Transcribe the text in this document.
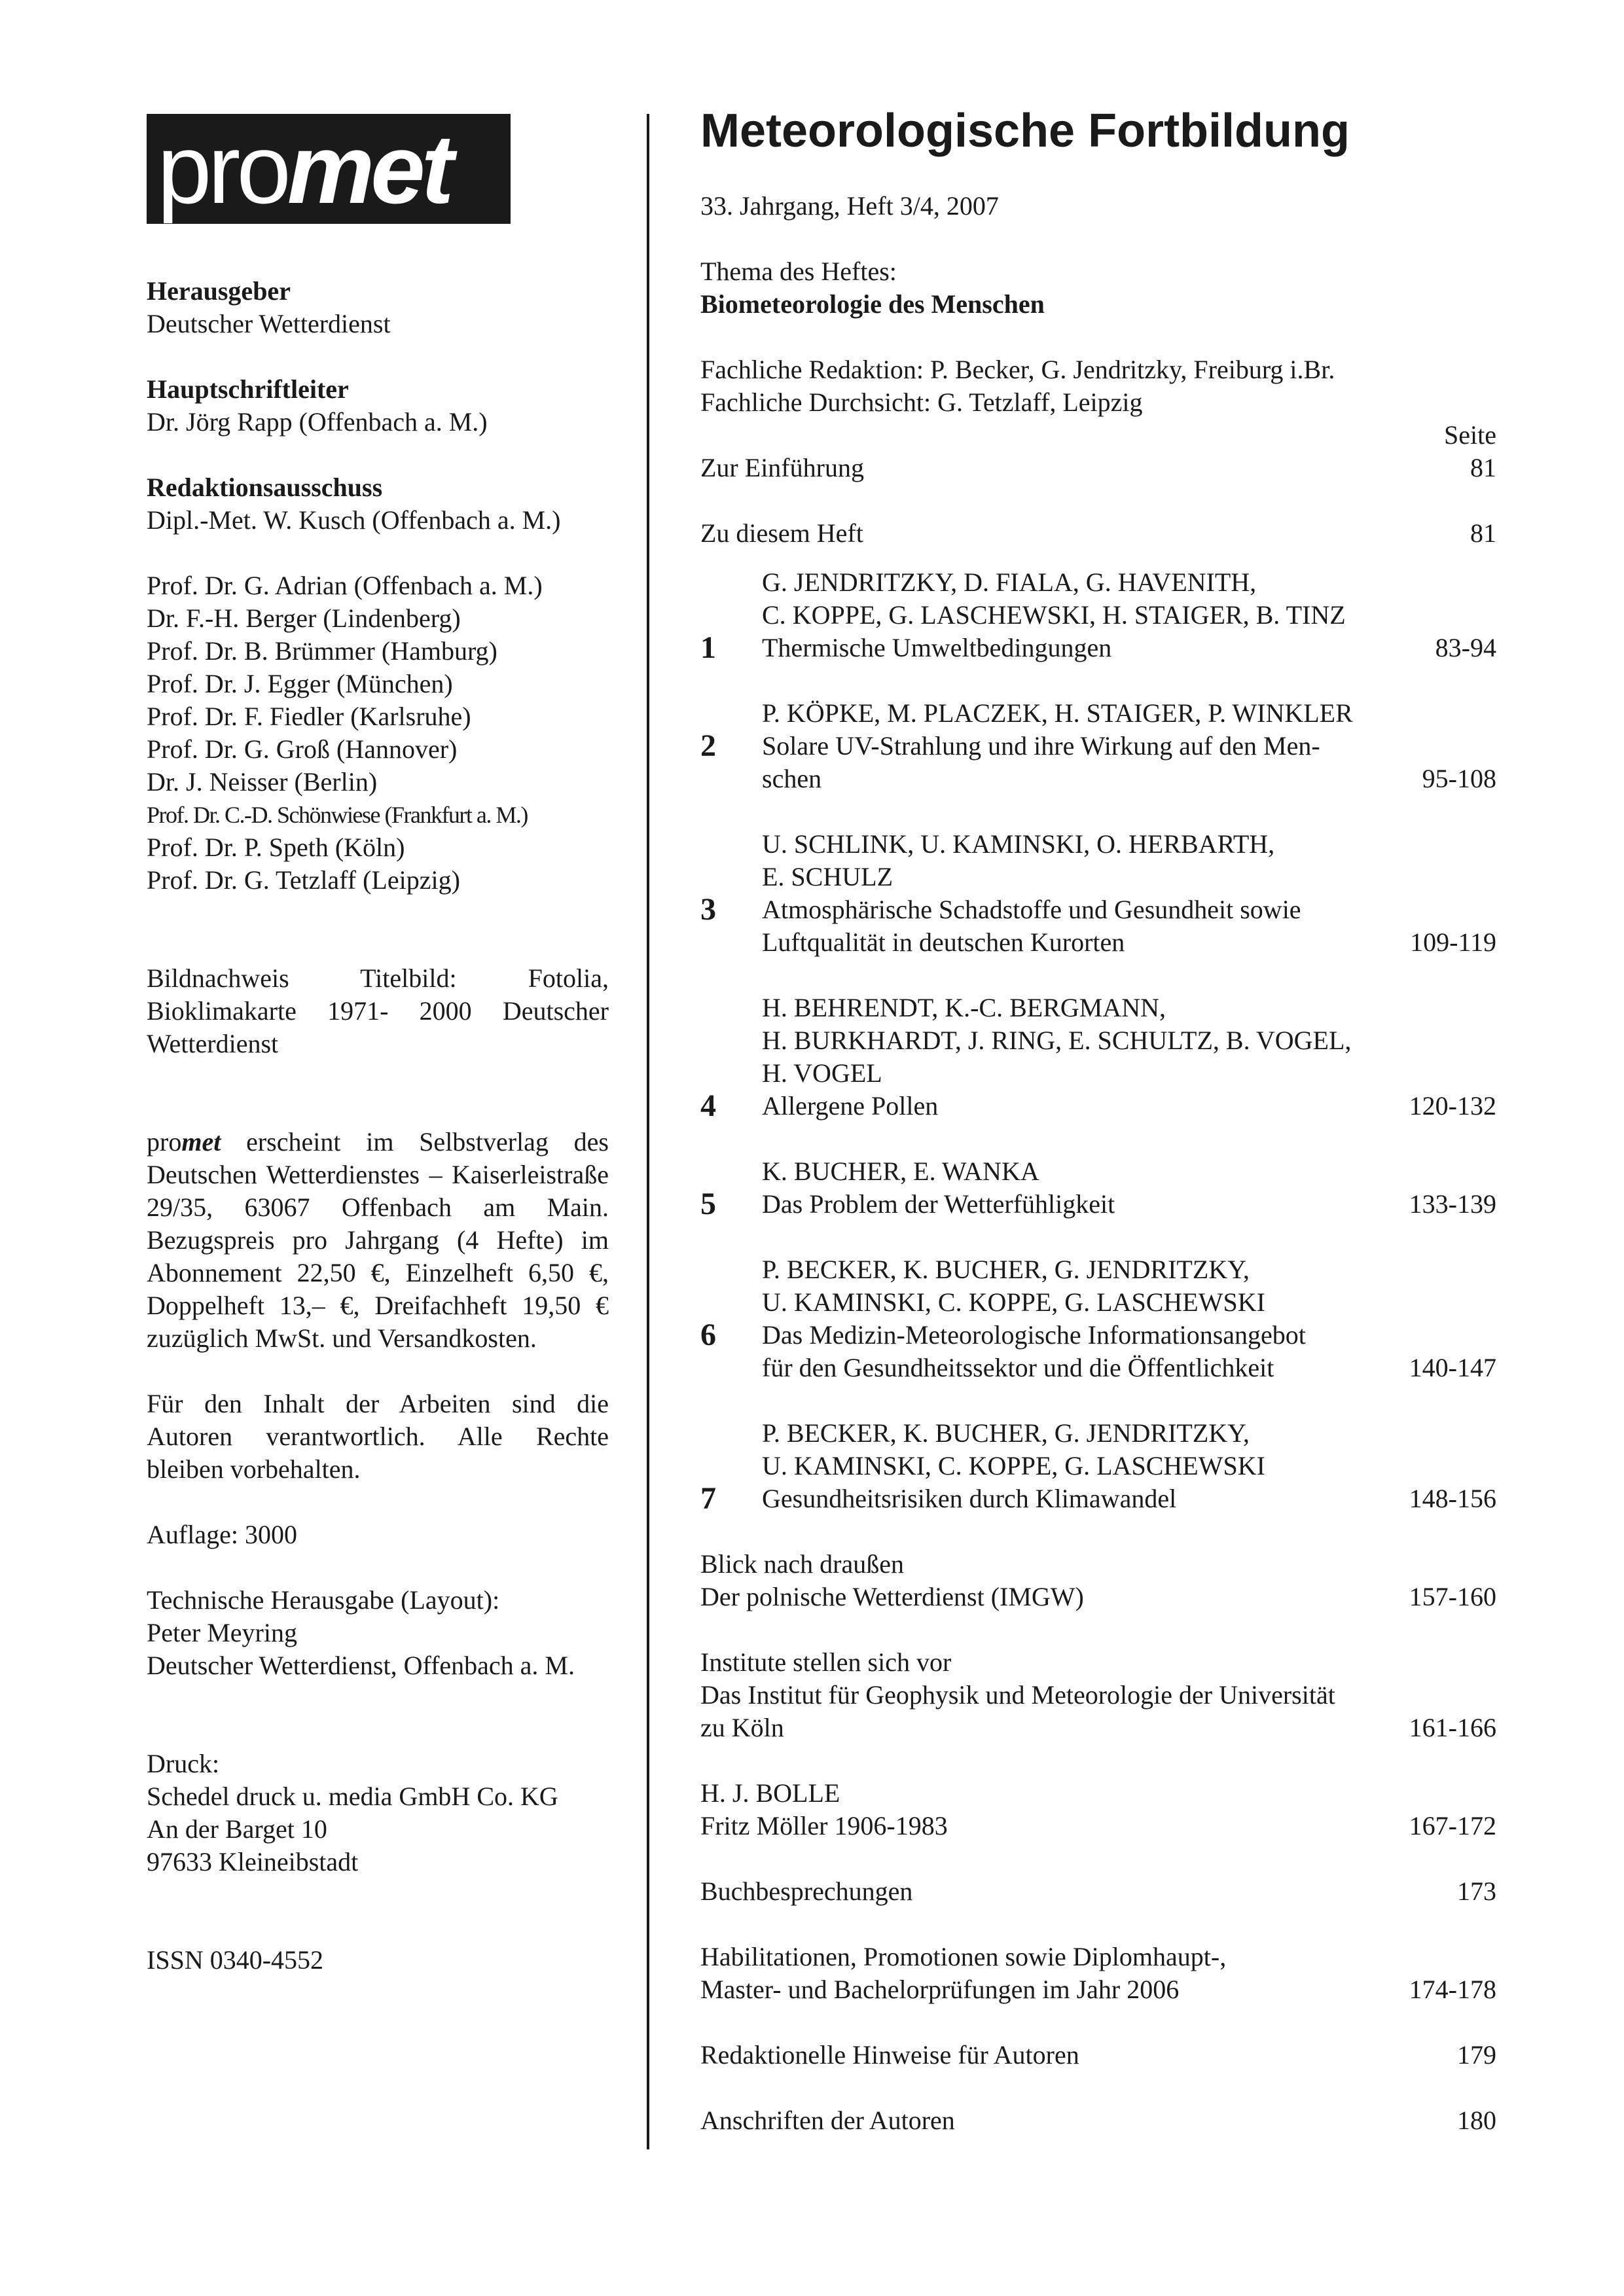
promet
Herausgeber
Deutscher Wetterdienst
Hauptschriftleiter
Dr. Jörg Rapp (Offenbach a. M.)
Redaktionsausschuss
Dipl.-Met. W. Kusch (Offenbach a. M.)
Prof. Dr. G. Adrian (Offenbach a. M.)
Dr. F.-H. Berger (Lindenberg)
Prof. Dr. B. Brümmer (Hamburg)
Prof. Dr. J. Egger (München)
Prof. Dr. F. Fiedler (Karlsruhe)
Prof. Dr. G. Groß (Hannover)
Dr. J. Neisser (Berlin)
Prof. Dr. C.-D. Schönwiese (Frankfurt a. M.)
Prof. Dr. P. Speth (Köln)
Prof. Dr. G. Tetzlaff (Leipzig)
Bildnachweis Titelbild: Fotolia, Bioklimakarte 1971- 2000 Deutscher Wetterdienst
promet erscheint im Selbstverlag des Deutschen Wetterdienstes – Kaiserleistraße 29/35, 63067 Offenbach am Main. Bezugspreis pro Jahrgang (4 Hefte) im Abonnement 22,50 €, Einzelheft 6,50 €, Doppelheft 13,– €, Dreifachheft 19,50 € zuzüglich MwSt. und Versandkosten.
Für den Inhalt der Arbeiten sind die Autoren verantwortlich. Alle Rechte bleiben vorbehalten.
Auflage: 3000
Technische Herausgabe (Layout):
Peter Meyring
Deutscher Wetterdienst, Offenbach a. M.
Druck:
Schedel druck u. media GmbH Co. KG
An der Barget 10
97633 Kleineibstadt
ISSN 0340-4552
Meteorologische Fortbildung
33. Jahrgang, Heft 3/4, 2007
Thema des Heftes:
Biometeorologie des Menschen
Fachliche Redaktion: P. Becker, G. Jendritzky, Freiburg i.Br.
Fachliche Durchsicht: G. Tetzlaff, Leipzig
Seite
Zur Einführung	81
Zu diesem Heft	81
G. JENDRITZKY, D. FIALA, G. HAVENITH,
C. KOPPE, G. LASCHEWSKI, H. STAIGER, B. TINZ
1 Thermische Umweltbedingungen	83-94
P. KÖPKE, M. PLACZEK, H. STAIGER, P. WINKLER
2 Solare UV-Strahlung und ihre Wirkung auf den Men-
schen	95-108
U. SCHLINK, U. KAMINSKI, O. HERBARTH,
E. SCHULZ
3 Atmosphärische Schadstoffe und Gesundheit sowie
Luftqualität in deutschen Kurorten	109-119
H. BEHRENDT, K.-C. BERGMANN,
H. BURKHARDT, J. RING, E. SCHULTZ, B. VOGEL,
H. VOGEL
4 Allergene Pollen	120-132
K. BUCHER, E. WANKA
5 Das Problem der Wetterfühligkeit	133-139
P. BECKER, K. BUCHER, G. JENDRITZKY,
U. KAMINSKI, C. KOPPE, G. LASCHEWSKI
6 Das Medizin-Meteorologische Informationsangebot
für den Gesundheitssektor und die Öffentlichkeit	140-147
P. BECKER, K. BUCHER, G. JENDRITZKY,
U. KAMINSKI, C. KOPPE, G. LASCHEWSKI
7 Gesundheitsrisiken durch Klimawandel	148-156
Blick nach draußen
Der polnische Wetterdienst (IMGW)	157-160
Institute stellen sich vor
Das Institut für Geophysik und Meteorologie der Universität
zu Köln	161-166
H. J. BOLLE
Fritz Möller 1906-1983	167-172
Buchbesprechungen	173
Habilitationen, Promotionen sowie Diplomhaupt-,
Master- und Bachelorprüfungen im Jahr 2006	174-178
Redaktionelle Hinweise für Autoren	179
Anschriften der Autoren	180
